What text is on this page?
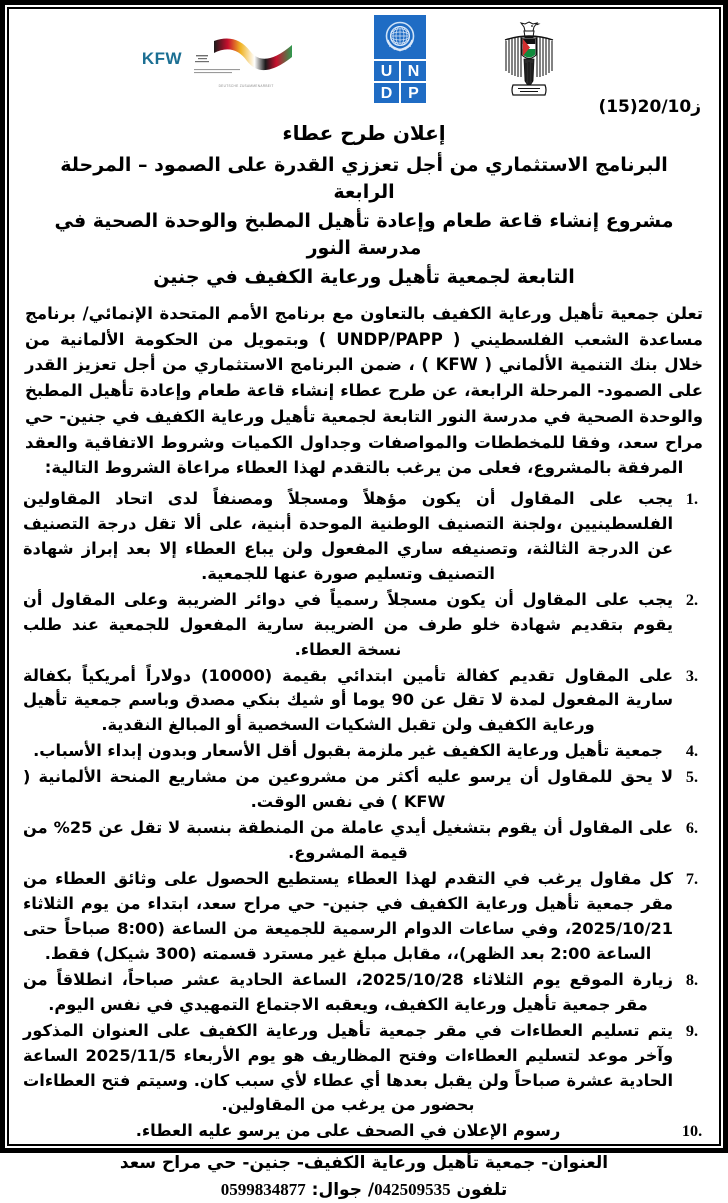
U N
D P
DEUTSCHE ZUSAMMENARBEIT
KFW
ز20/10(15)
إعلان طرح عطاء
البرنامج الاستثماري من أجل تعززي القدرة على الصمود – المرحلة الرابعة
مشروع إنشاء قاعة طعام وإعادة تأهيل المطبخ والوحدة الصحية في مدرسة النور
التابعة لجمعية تأهيل ورعاية الكفيف في جنين
تعلن جمعية تأهيل ورعاية الكفيف بالتعاون مع برنامج الأمم المتحدة الإنمائي/ برنامج مساعدة الشعب الفلسطيني ( UNDP/PAPP ) وبتمويل من الحكومة الألمانية من خلال بنك التنمية الألماني ( KFW ) ، ضمن البرنامج الاستثماري من أجل تعزيز القدر على الصمود- المرحلة الرابعة، عن طرح عطاء إنشاء قاعة طعام وإعادة تأهيل المطبخ والوحدة الصحية في مدرسة النور التابعة لجمعية تأهيل ورعاية الكفيف في جنين- حي مراح سعد، وفقا للمخططات والمواصفات وجداول الكميات وشروط الاتفاقية والعقد المرفقة بالمشروع، فعلى من يرغب بالتقدم لهذا العطاء مراعاة الشروط التالية:
يجب على المقاول أن يكون مؤهلاً ومسجلاً ومصنفاً لدى اتحاد المقاولين الفلسطينيين ،ولجنة التصنيف الوطنية الموحدة أبنية، على ألا تقل درجة التصنيف عن الدرجة الثالثة، وتصنيفه ساري المفعول ولن يباع العطاء إلا بعد إبراز شهادة التصنيف وتسليم صورة عنها للجمعية.
يجب على المقاول أن يكون مسجلاً رسمياً في دوائر الضريبة وعلى المقاول أن يقوم بتقديم شهادة خلو طرف من الضريبة سارية المفعول للجمعية عند طلب نسخة العطاء.
على المقاول تقديم كفالة تأمين ابتدائي بقيمة (10000) دولاراً أمريكياً بكفالة سارية المفعول لمدة لا تقل عن 90 يوما أو شيك بنكي مصدق وباسم جمعية تأهيل ورعاية الكفيف ولن تقبل الشكيات السخصية أو المبالغ النقدية.
جمعية تأهيل ورعاية الكفيف غير ملزمة بقبول أقل الأسعار وبدون إبداء الأسباب.
لا يحق للمقاول أن يرسو عليه أكثر من مشروعين من مشاريع المنحة الألمانية ( KFW ) في نفس الوقت.
على المقاول أن يقوم بتشغيل أيدي عاملة من المنطقة بنسبة لا تقل عن 25% من قيمة المشروع.
كل مقاول يرغب في التقدم لهذا العطاء يستطيع الحصول على وثائق العطاء من مقر جمعية تأهيل ورعاية الكفيف في جنين- حي مراح سعد، ابتداء من يوم الثلاثاء 2025/10/21، وفي ساعات الدوام الرسمية للجميعة من الساعة (8:00 صباحاً حتى الساعة 2:00 بعد الظهر)،، مقابل مبلغ غير مسترد قسمته (300 شيكل) فقط.
زيارة الموقع يوم الثلاثاء 2025/10/28، الساعة الحادية عشر صباحاً، انطلاقاً من مقر جمعية تأهيل ورعاية الكفيف، ويعقبه الاجتماع التمهيدي في نفس اليوم.
يتم تسليم العطاءات في مقر جمعية تأهيل ورعاية الكفيف على العنوان المذكور وآخر موعد لتسليم العطاءات وفتح المظاريف هو يوم الأربعاء 2025/11/5 الساعة الحادية عشرة صباحاً ولن يقبل بعدها أي عطاء لأي سبب كان. وسيتم فتح العطاءات بحضور من يرغب من المقاولين.
رسوم الإعلان في الصحف على من يرسو عليه العطاء.
العنوان- جمعية تأهيل ورعاية الكفيف- جنين- حي مراح سعد
تلفون 042509535/ جوال: 0599834877
